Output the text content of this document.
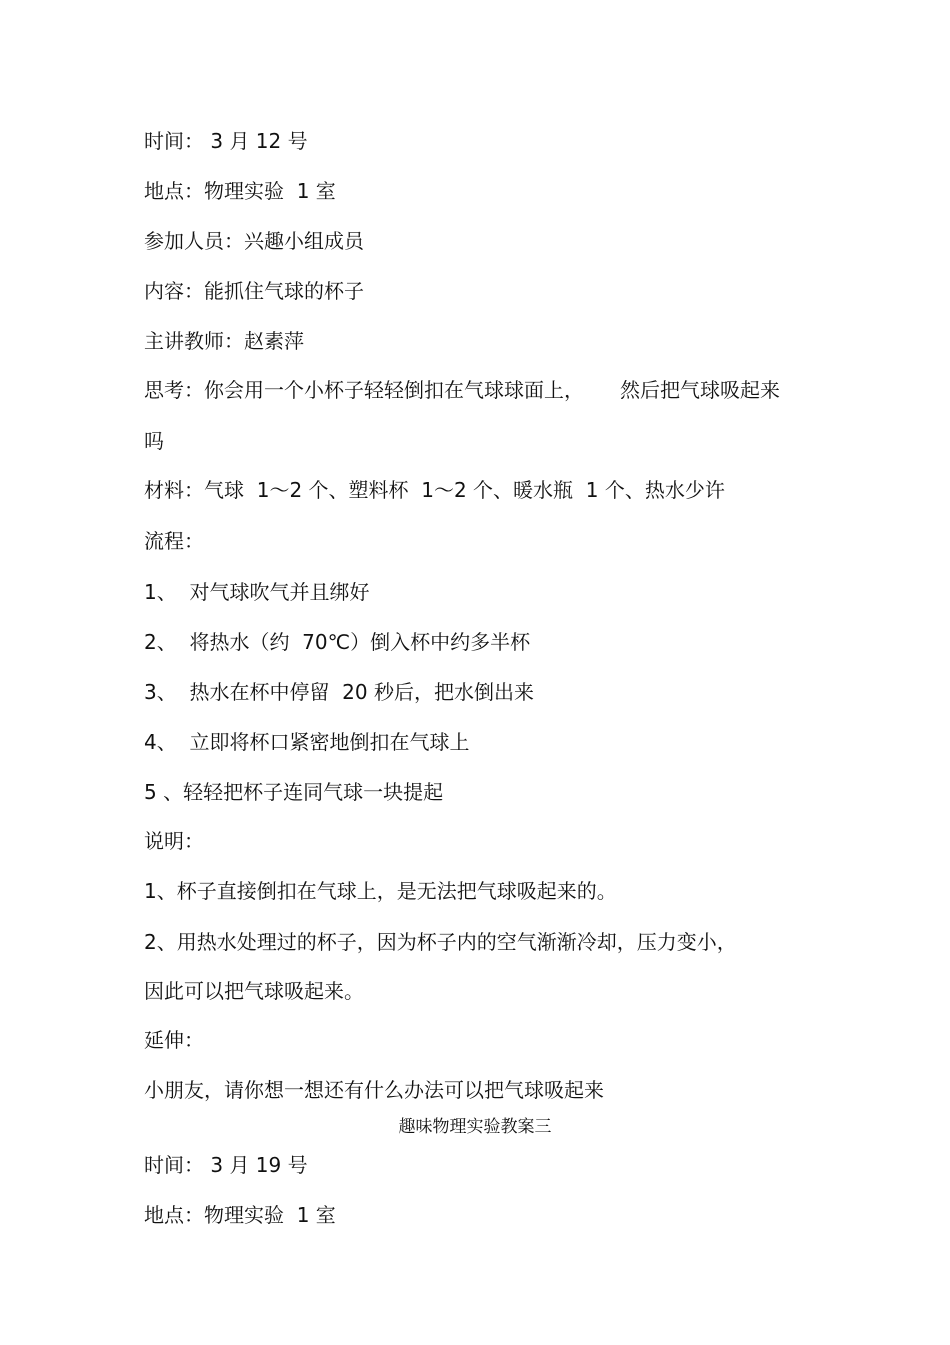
时间： 3 月 12 号
地点：物理实验  1 室
参加人员：兴趣小组成员
内容：能抓住气球的杯子
主讲教师：赵素萍
思考：你会用一个小杯子轻轻倒扣在气球球面上， 然后把气球吸起来
吗
材料：气球  1～2 个、塑料杯  1～2 个、暖水瓶  1 个、热水少许
流程：
1、  对气球吹气并且绑好
2、  将热水（约  70℃）倒入杯中约多半杯
3、  热水在杯中停留  20 秒后，把水倒出来
4、  立即将杯口紧密地倒扣在气球上
5 、轻轻把杯子连同气球一块提起
说明：
1、杯子直接倒扣在气球上，是无法把气球吸起来的。
2、用热水处理过的杯子，因为杯子内的空气渐渐冷却，压力变小，
因此可以把气球吸起来。
延伸：
小朋友，请你想一想还有什么办法可以把气球吸起来
趣味物理实验教案三
时间： 3 月 19 号
地点：物理实验  1 室
